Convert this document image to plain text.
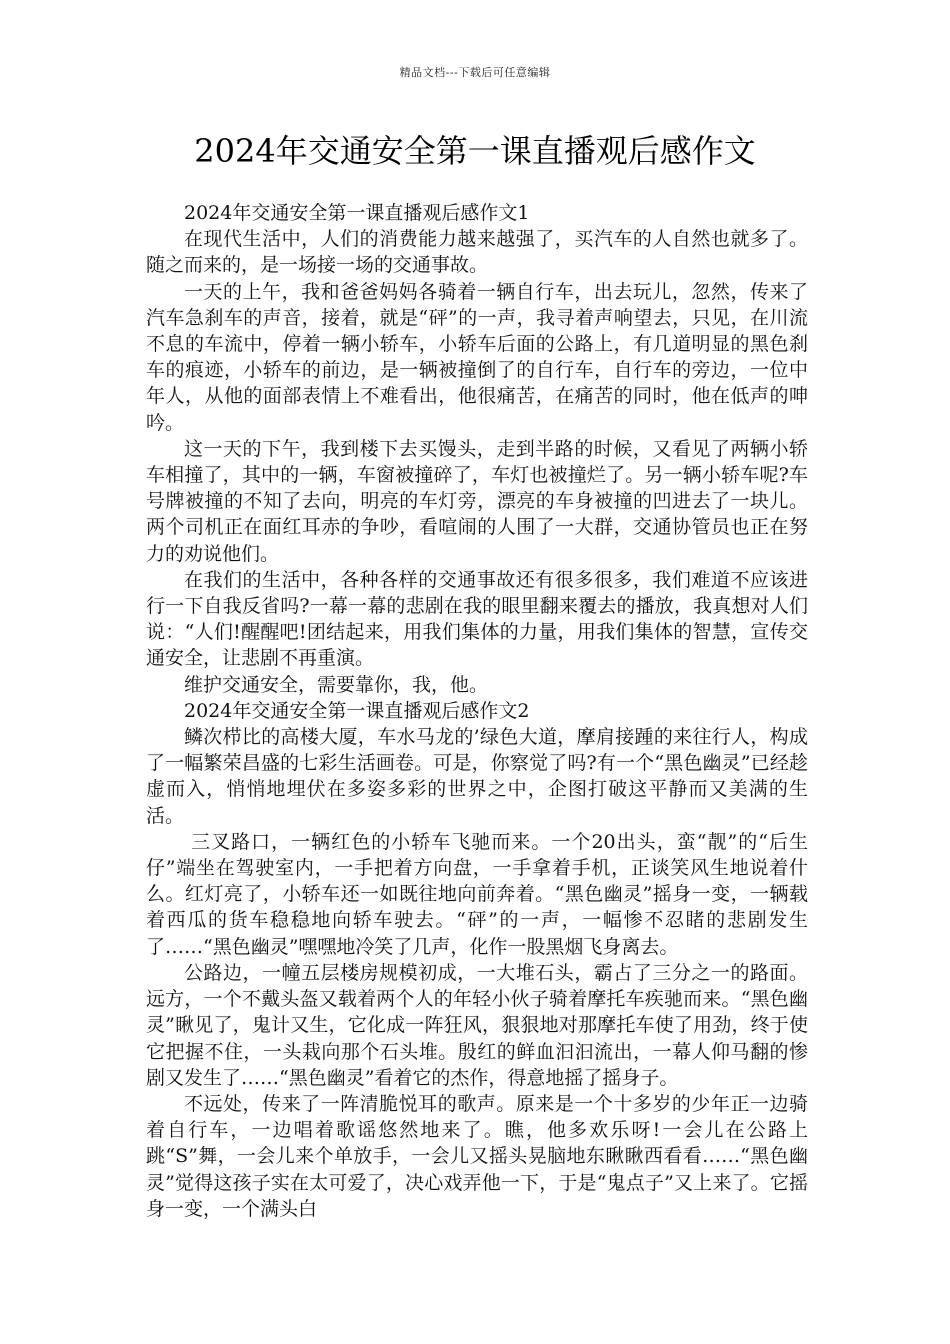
精品文档---下载后可任意编辑
2024年交通安全第一课直播观后感作文

2024年交通安全第一课直播观后感作文1

在现代生活中，人们的消费能力越来越强了，买汽车的人自然也就多了。随之而来的，是一场接一场的交通事故。

一天的上午，我和爸爸妈妈各骑着一辆自行车，出去玩儿，忽然，传来了汽车急刹车的声音，接着，就是“砰”的一声，我寻着声响望去，只见，在川流不息的车流中，停着一辆小轿车，小轿车后面的公路上，有几道明显的黑色刹车的痕迹，小轿车的前边，是一辆被撞倒了的自行车，自行车的旁边，一位中年人，从他的面部表情上不难看出，他很痛苦，在痛苦的同时，他在低声的呻吟。

这一天的下午，我到楼下去买馒头，走到半路的时候，又看见了两辆小轿车相撞了，其中的一辆，车窗被撞碎了，车灯也被撞烂了。另一辆小轿车呢?车号牌被撞的不知了去向，明亮的车灯旁，漂亮的车身被撞的凹进去了一块儿。两个司机正在面红耳赤的争吵，看喧闹的人围了一大群，交通协管员也正在努力的劝说他们。

在我们的生活中，各种各样的交通事故还有很多很多，我们难道不应该进行一下自我反省吗?一幕一幕的悲剧在我的眼里翻来覆去的播放，我真想对人们说：“人们!醒醒吧!团结起来，用我们集体的力量，用我们集体的智慧，宣传交通安全，让悲剧不再重演。

维护交通安全，需要靠你，我，他。

2024年交通安全第一课直播观后感作文2

鳞次栉比的高楼大厦，车水马龙的’绿色大道，摩肩接踵的来往行人，构成了一幅繁荣昌盛的七彩生活画卷。可是，你察觉了吗?有一个“黑色幽灵”已经趁虚而入，悄悄地埋伏在多姿多彩的世界之中，企图打破这平静而又美满的生活。

三叉路口，一辆红色的小轿车飞驰而来。一个20出头，蛮“靓”的“后生仔”端坐在驾驶室内，一手把着方向盘，一手拿着手机，正谈笑风生地说着什么。红灯亮了，小轿车还一如既往地向前奔着。“黑色幽灵”摇身一变，一辆载着西瓜的货车稳稳地向轿车驶去。“砰”的一声，一幅惨不忍睹的悲剧发生了……“黑色幽灵”嘿嘿地冷笑了几声，化作一股黑烟飞身离去。

公路边，一幢五层楼房规模初成，一大堆石头，霸占了三分之一的路面。远方，一个不戴头盔又载着两个人的年轻小伙子骑着摩托车疾驰而来。“黑色幽灵”瞅见了，鬼计又生，它化成一阵狂风，狠狠地对那摩托车使了用劲，终于使它把握不住，一头栽向那个石头堆。殷红的鲜血汩汩流出，一幕人仰马翻的惨剧又发生了……“黑色幽灵”看着它的杰作，得意地摇了摇身子。

不远处，传来了一阵清脆悦耳的歌声。原来是一个十多岁的少年正一边骑着自行车，一边唱着歌谣悠然地来了。瞧，他多欢乐呀!一会儿在公路上跳“S”舞，一会儿来个单放手，一会儿又摇头晃脑地东瞅瞅西看看……“黑色幽灵”觉得这孩子实在太可爱了，决心戏弄他一下，于是“鬼点子”又上来了。它摇身一变，一个满头白
